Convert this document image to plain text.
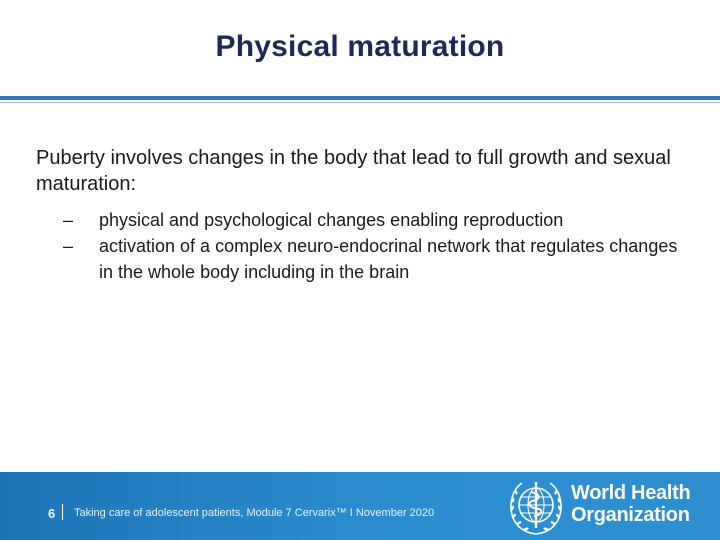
Physical maturation

Puberty involves changes in the body that lead to full growth and sexual maturation:

–	physical and psychological changes enabling reproduction
–	activation of a complex neuro-endocrinal network that regulates changes in the whole body including in the brain
6 Taking care of adolescent patients, Module 7 Cervarix™ I November 2020
World Health
Organization
